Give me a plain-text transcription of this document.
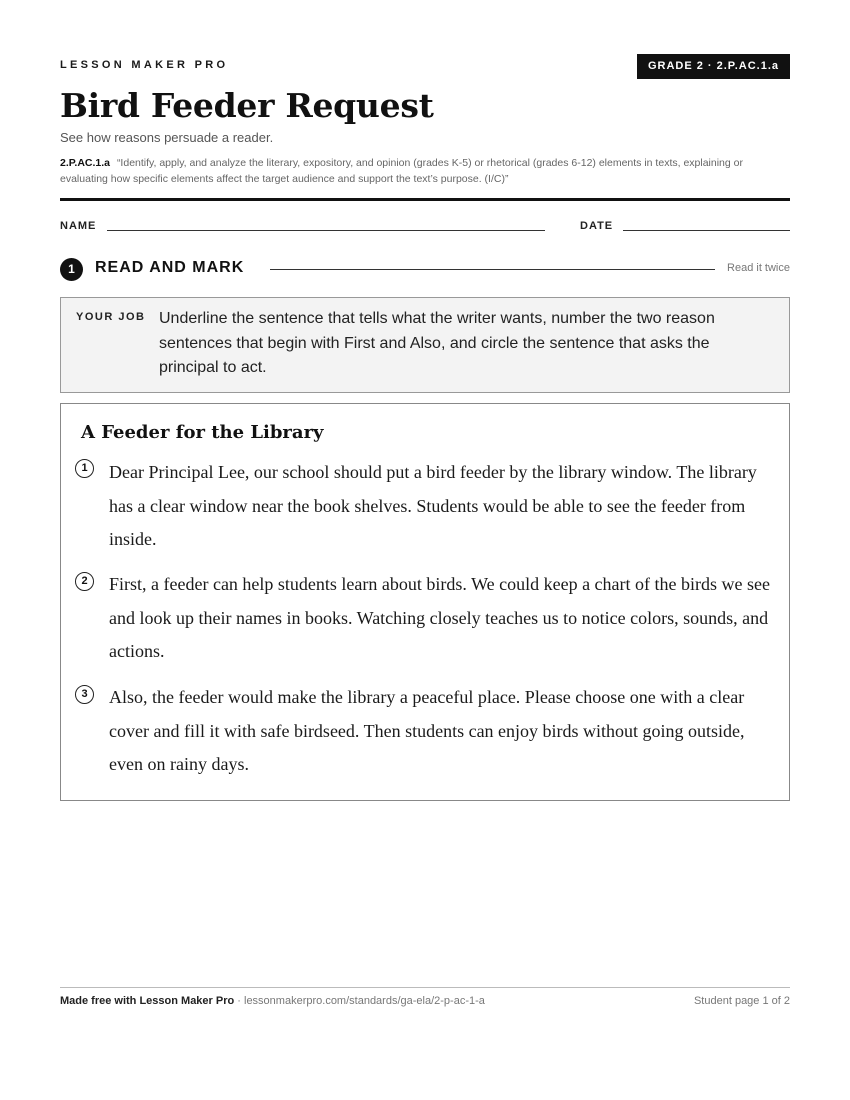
LESSON MAKER PRO	GRADE 2 · 2.P.AC.1.a
Bird Feeder Request
See how reasons persuade a reader.
2.P.AC.1.a “Identify, apply, and analyze the literary, expository, and opinion (grades K-5) or rhetorical (grades 6-12) elements in texts, explaining or evaluating how specific elements affect the target audience and support the text’s purpose. (I/C)”
NAME	DATE
1	READ AND MARK	Read it twice
YOUR JOB Underline the sentence that tells what the writer wants, number the two reason sentences that begin with First and Also, and circle the sentence that asks the principal to act.
A Feeder for the Library
1	Dear Principal Lee, our school should put a bird feeder by the library window. The library has a clear window near the book shelves. Students would be able to see the feeder from inside.
2	First, a feeder can help students learn about birds. We could keep a chart of the birds we see and look up their names in books. Watching closely teaches us to notice colors, sounds, and actions.
3	Also, the feeder would make the library a peaceful place. Please choose one with a clear cover and fill it with safe birdseed. Then students can enjoy birds without going outside, even on rainy days.
Made free with Lesson Maker Pro · lessonmakerpro.com/standards/ga-ela/2-p-ac-1-a	Student page 1 of 2
